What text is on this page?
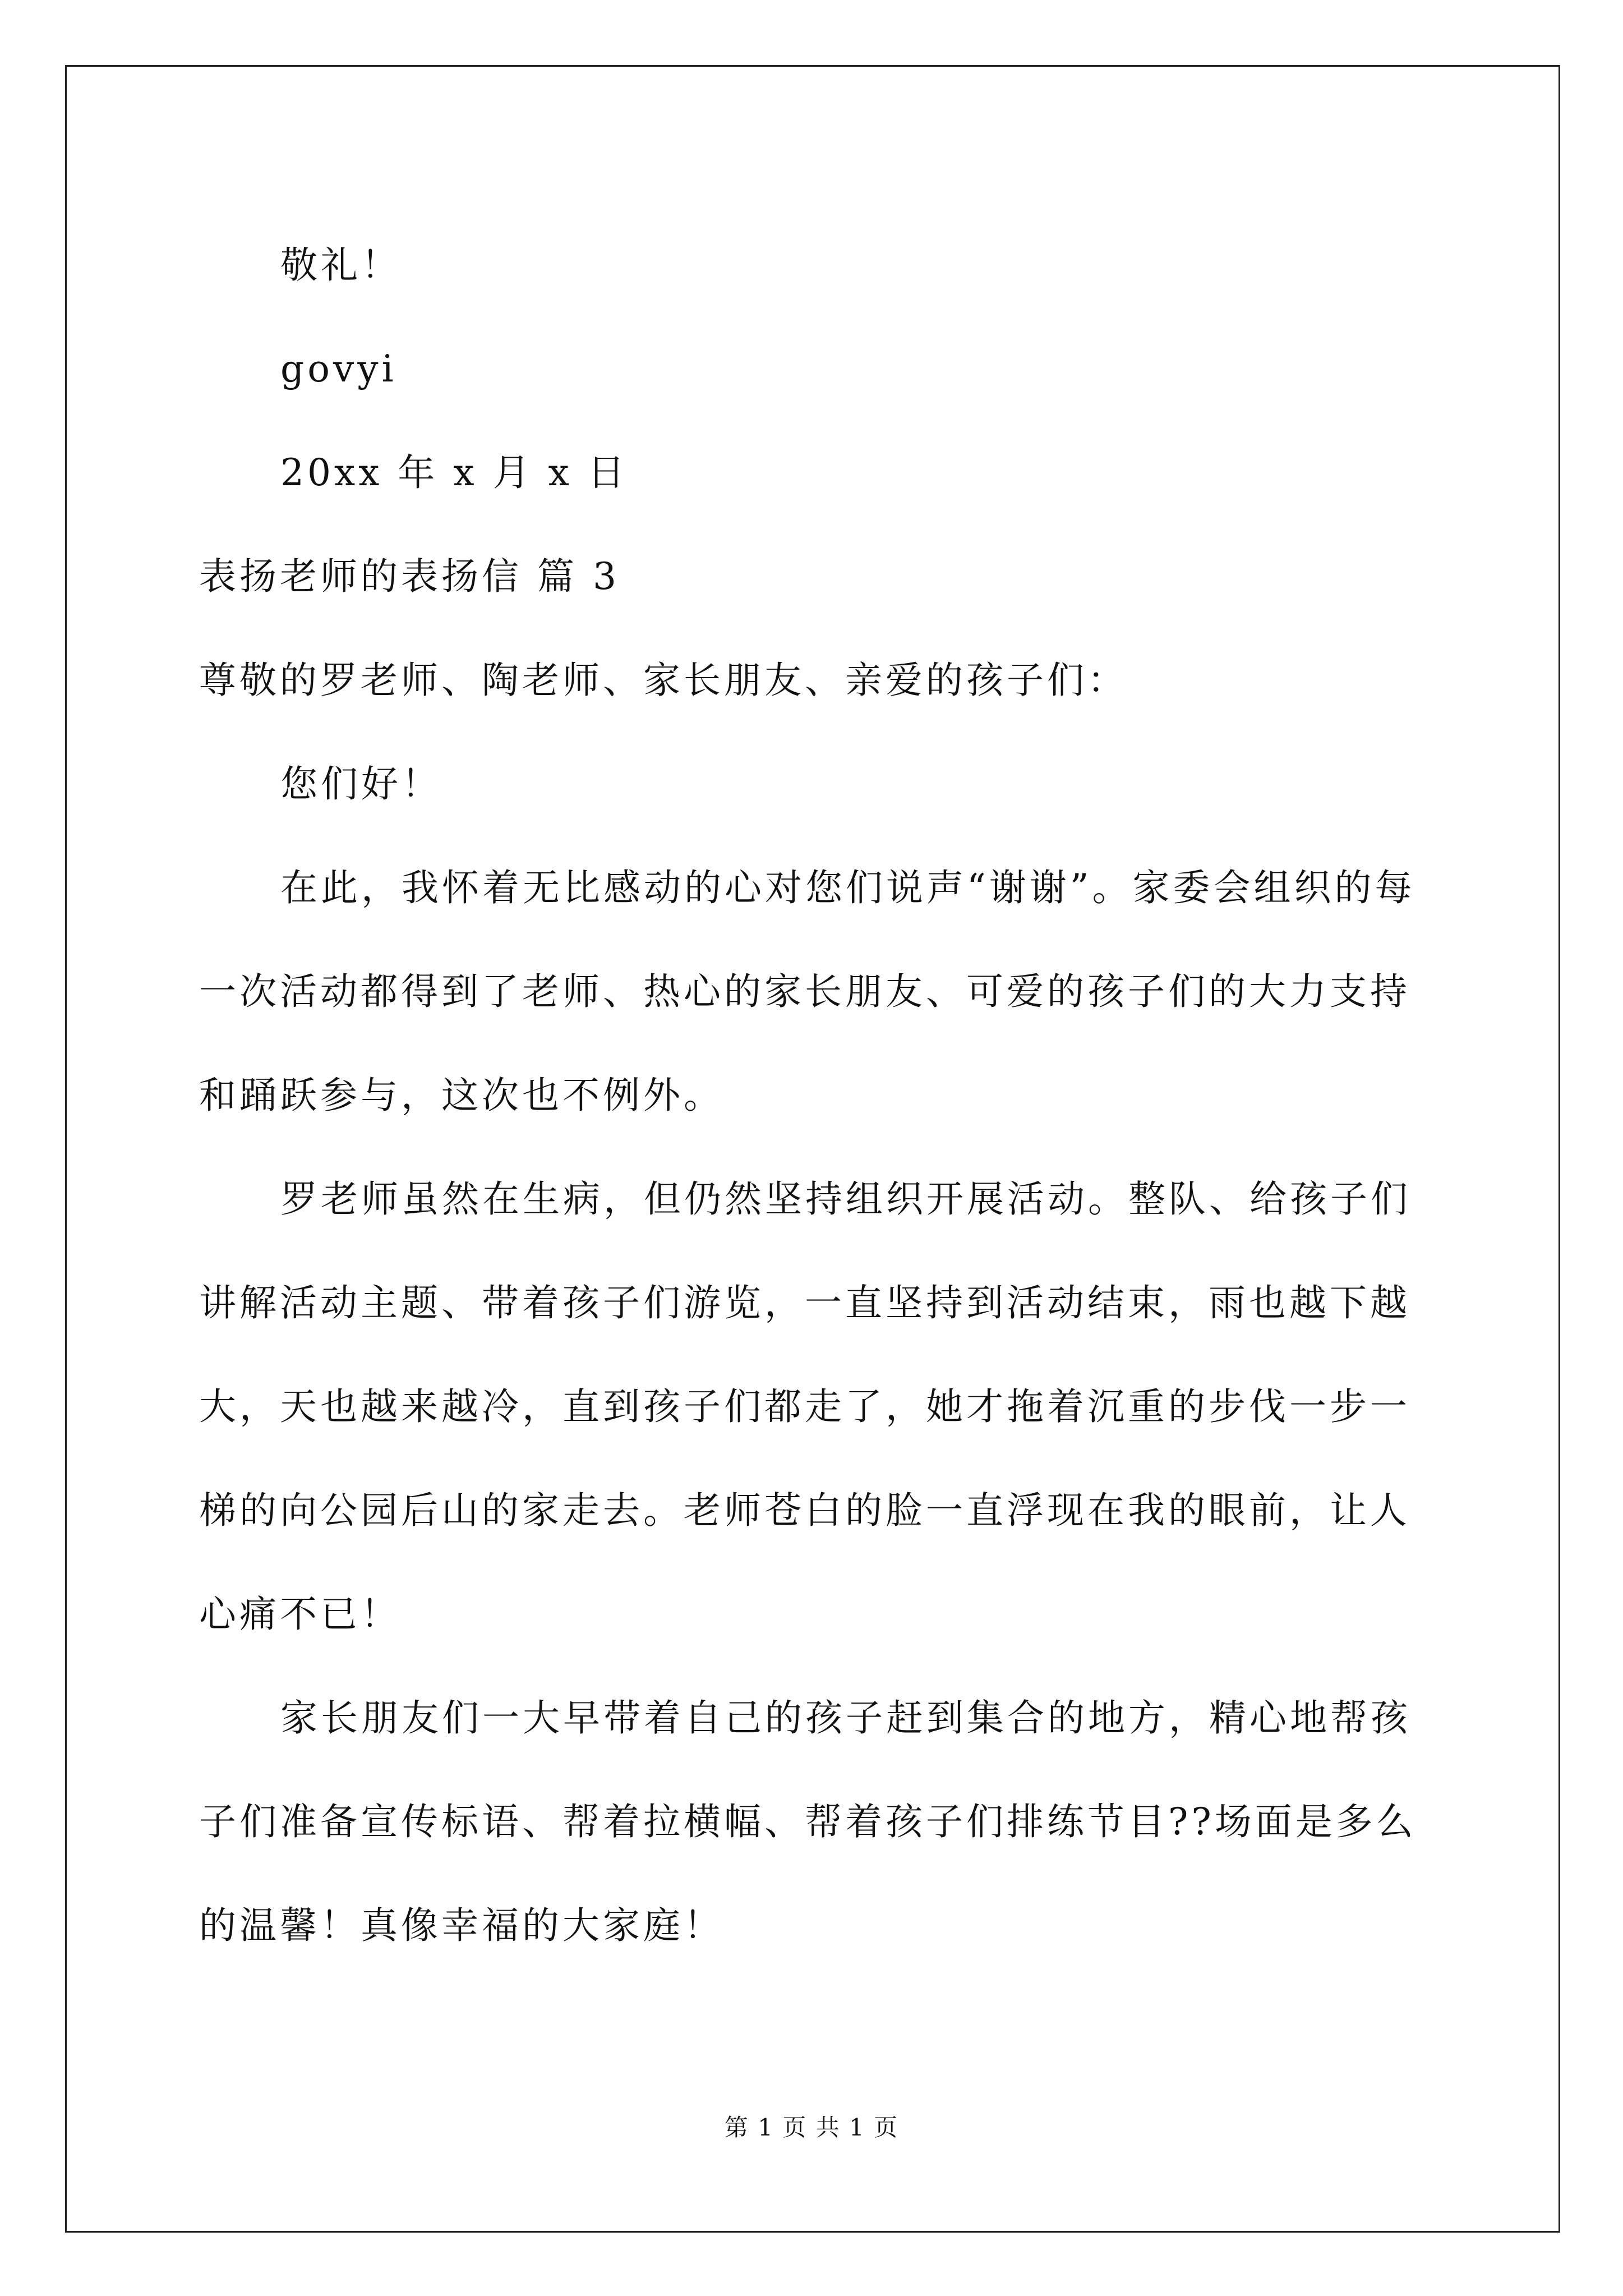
敬礼！
govyi
20xx 年 x 月 x 日
表扬老师的表扬信 篇 3
尊敬的罗老师、陶老师、家长朋友、亲爱的孩子们：
您们好！
在此，我怀着无比感动的心对您们说声“谢谢”。家委会组织的每
一次活动都得到了老师、热心的家长朋友、可爱的孩子们的大力支持
和踊跃参与，这次也不例外。
罗老师虽然在生病，但仍然坚持组织开展活动。整队、给孩子们
讲解活动主题、带着孩子们游览，一直坚持到活动结束，雨也越下越
大，天也越来越冷，直到孩子们都走了，她才拖着沉重的步伐一步一
梯的向公园后山的家走去。老师苍白的脸一直浮现在我的眼前，让人
心痛不已！
家长朋友们一大早带着自己的孩子赶到集合的地方，精心地帮孩
子们准备宣传标语、帮着拉横幅、帮着孩子们排练节目??场面是多么
的温馨！真像幸福的大家庭！
第 1 页 共 1 页
